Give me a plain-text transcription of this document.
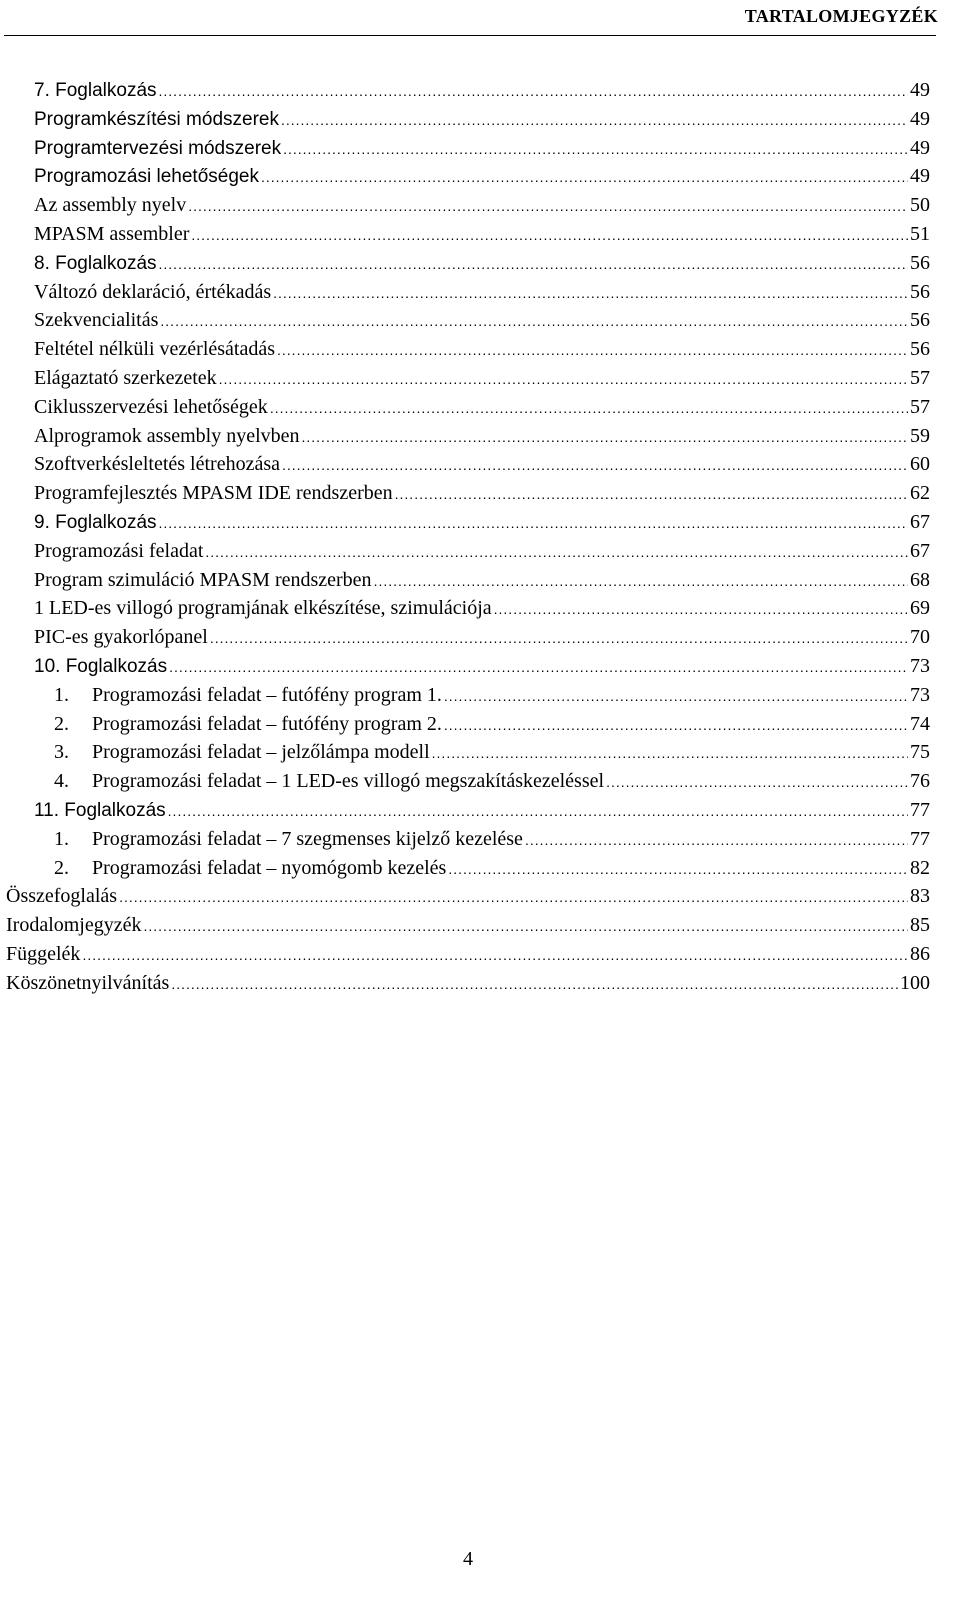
TARTALOMJEGYZÉK
7. Foglalkozás .....	49
Programkészítési módszerek .....	49
Programtervezési módszerek .....	49
Programozási lehetőségek .....	49
Az assembly nyelv .....	50
MPASM assembler .....	51
8. Foglalkozás .....	56
Változó deklaráció, értékadás .....	56
Szekvencialitás .....	56
Feltétel nélküli vezérlésátadás .....	56
Elágaztató szerkezetek .....	57
Ciklusszervezési lehetőségek .....	57
Alprogramok assembly nyelvben .....	59
Szoftverkésleltetés létrehozása .....	60
Programfejlesztés MPASM IDE rendszerben .....	62
9. Foglalkozás .....	67
Programozási feladat .....	67
Program szimuláció MPASM rendszerben .....	68
1 LED-es villogó programjának elkészítése, szimulációja .....	69
PIC-es gyakorlópanel .....	70
10. Foglalkozás .....	73
1.	Programozási feladat – futófény program 1. .....	73
2.	Programozási feladat – futófény program 2. .....	74
3.	Programozási feladat – jelzőlámpa modell .....	75
4.	Programozási feladat – 1 LED-es villogó megszakításkezeléssel .....	76
11. Foglalkozás .....	77
1.	Programozási feladat – 7 szegmenses kijelző kezelése .....	77
2.	Programozási feladat – nyomógomb kezelés .....	82
Összefoglalás .....	83
Irodalomjegyzék .....	85
Függelék .....	86
Köszönetnyilvánítás .....	100
4
